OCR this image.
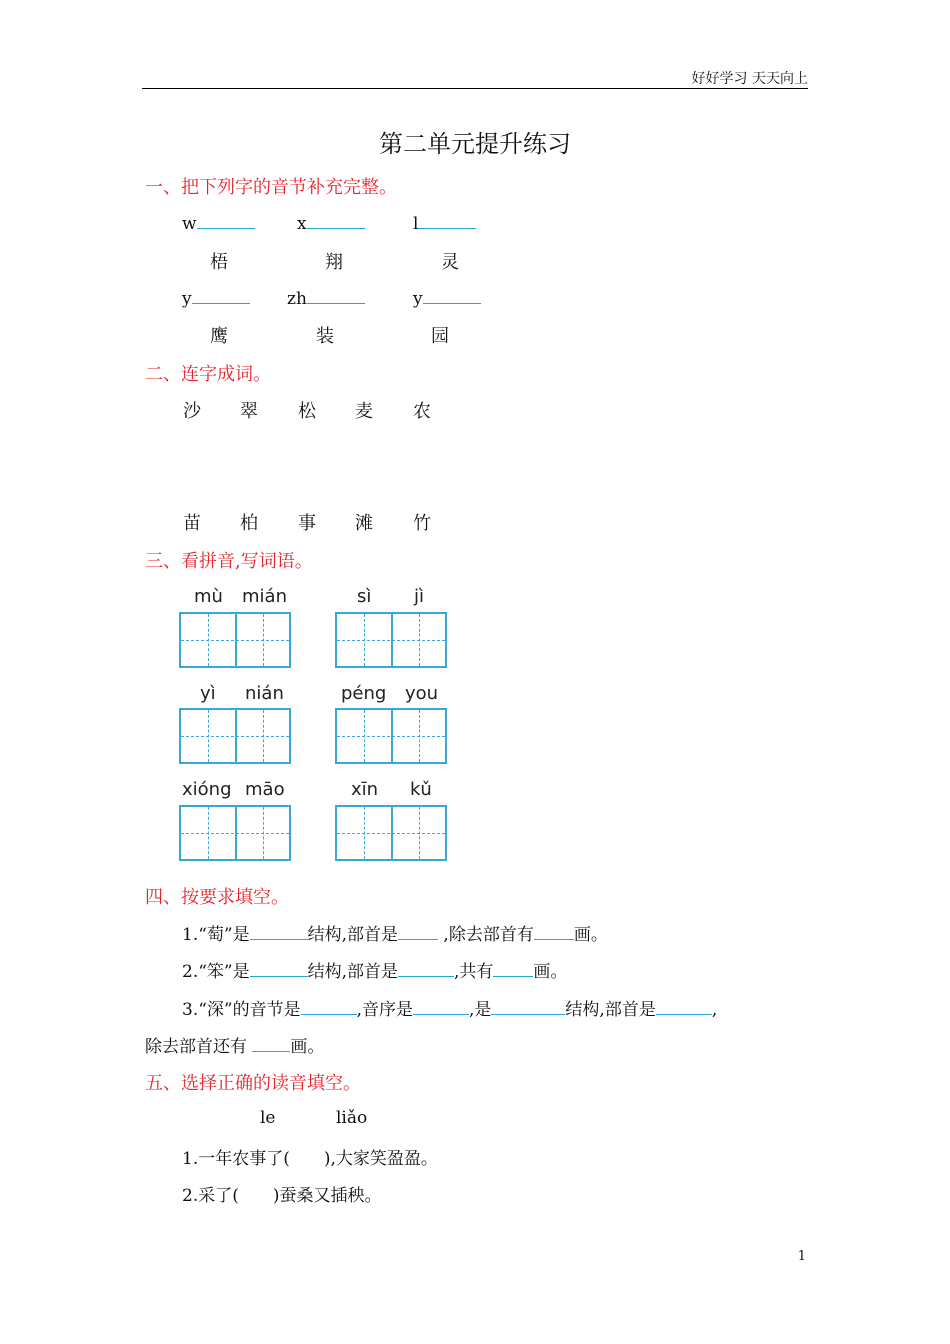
好好学习 天天向上
第二单元提升练习
一、把下列字的音节补充完整。
w	x	l
梧	翔	灵
y	zh	y
鹰	装	园
二、连字成词。
沙 翠 松 麦 农
苗 柏 事 滩 竹
三、看拼音,写词语。
mù mián	sì jì
yì nián	péng you
xióng māo	xīn kǔ
四、按要求填空。
1.“萄”是	结构,部首是 ,除去部首有 画。
2.“笨”是	结构,部首是	,共有 画。
3.“深”的音节是	,音序是	,是	结构,部首是	,
除去部首还有 画。
五、选择正确的读音填空。
le	liǎo
1.一年农事了(　　),大家笑盈盈。
2.采了(　　)蚕桑又插秧。
1
